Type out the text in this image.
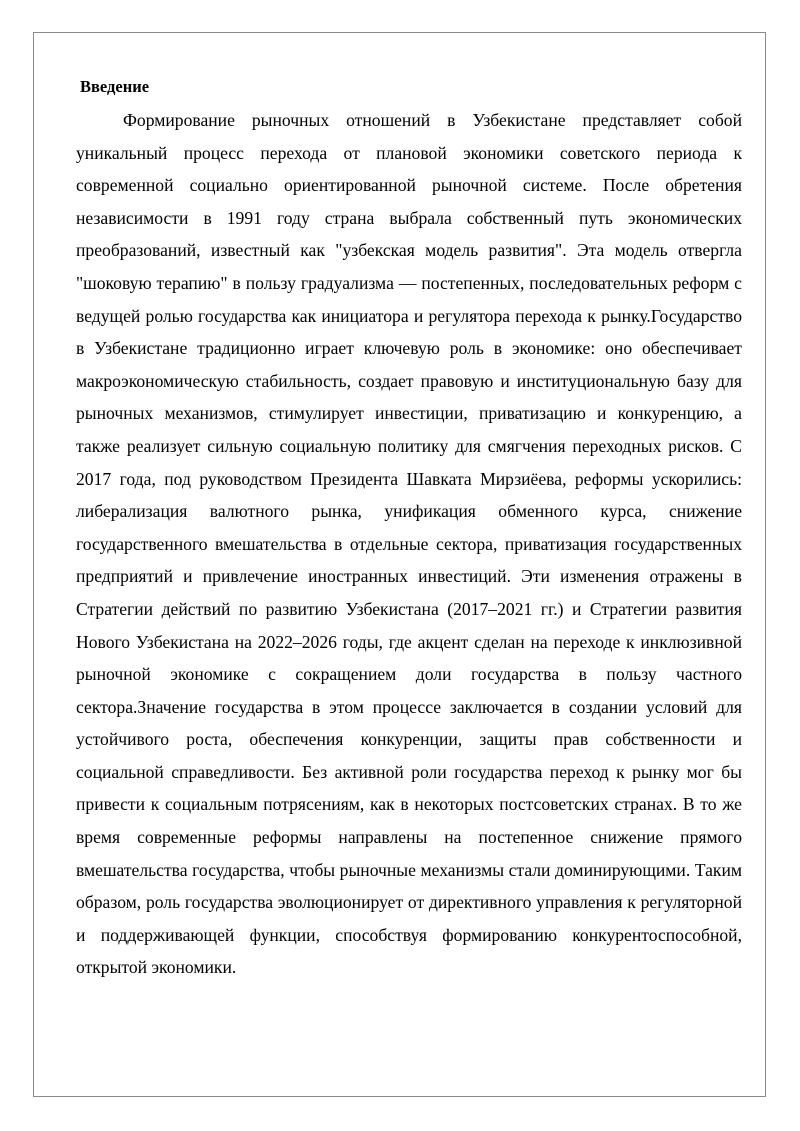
Введение

Формирование рыночных отношений в Узбекистане представляет собой уникальный процесс перехода от плановой экономики советского периода к современной социально ориентированной рыночной системе. После обретения независимости в 1991 году страна выбрала собственный путь экономических преобразований, известный как "узбекская модель развития". Эта модель отвергла "шоковую терапию" в пользу градуализма — постепенных, последовательных реформ с ведущей ролью государства как инициатора и регулятора перехода к рынку.Государство в Узбекистане традиционно играет ключевую роль в экономике: оно обеспечивает макроэкономическую стабильность, создает правовую и институциональную базу для рыночных механизмов, стимулирует инвестиции, приватизацию и конкуренцию, а также реализует сильную социальную политику для смягчения переходных рисков. С 2017 года, под руководством Президента Шавката Мирзиёева, реформы ускорились: либерализация валютного рынка, унификация обменного курса, снижение государственного вмешательства в отдельные сектора, приватизация государственных предприятий и привлечение иностранных инвестиций. Эти изменения отражены в Стратегии действий по развитию Узбекистана (2017–2021 гг.) и Стратегии развития Нового Узбекистана на 2022–2026 годы, где акцент сделан на переходе к инклюзивной рыночной экономике с сокращением доли государства в пользу частного сектора.Значение государства в этом процессе заключается в создании условий для устойчивого роста, обеспечения конкуренции, защиты прав собственности и социальной справедливости. Без активной роли государства переход к рынку мог бы привести к социальным потрясениям, как в некоторых постсоветских странах. В то же время современные реформы направлены на постепенное снижение прямого вмешательства государства, чтобы рыночные механизмы стали доминирующими. Таким образом, роль государства эволюционирует от директивного управления к регуляторной и поддерживающей функции, способствуя формированию конкурентоспособной, открытой экономики.
